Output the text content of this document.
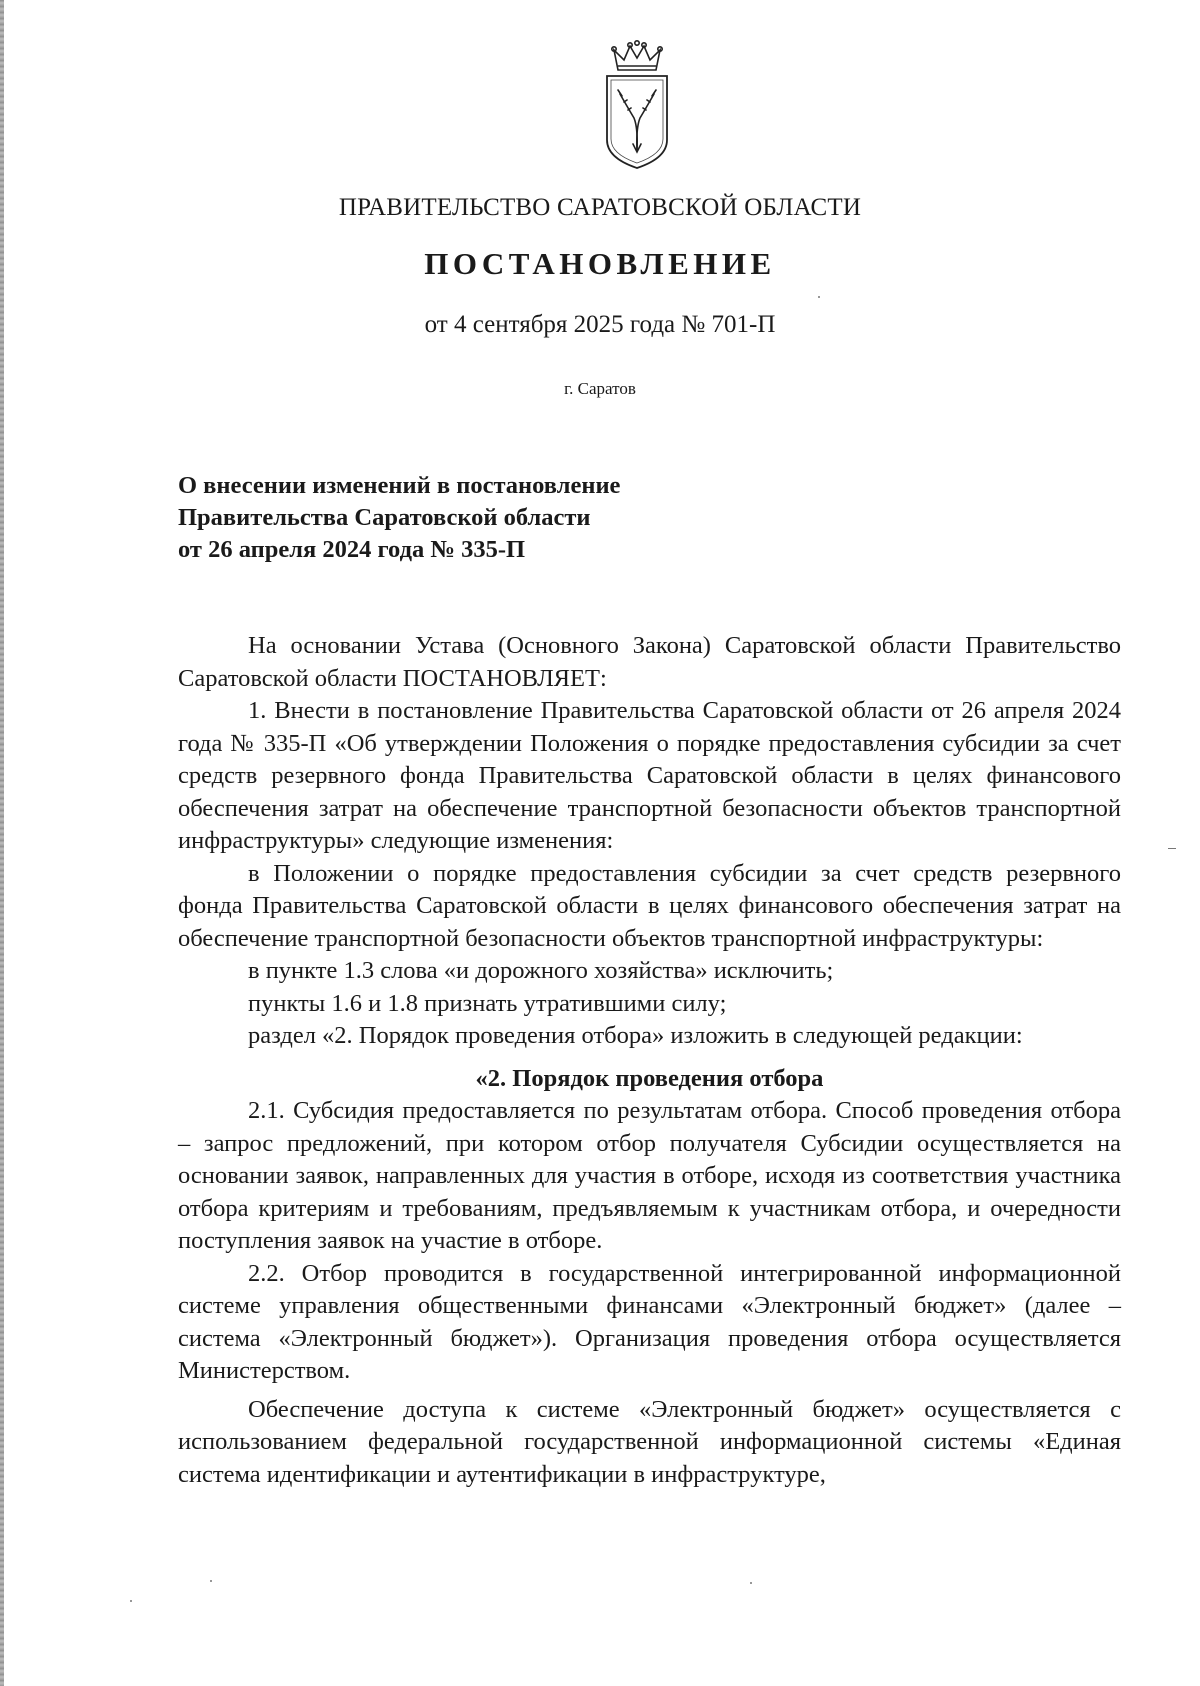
ПРАВИТЕЛЬСТВО САРАТОВСКОЙ ОБЛАСТИ
ПОСТАНОВЛЕНИЕ
от 4 сентября 2025 года № 701-П
г. Саратов
О внесении изменений в постановление
Правительства Саратовской области
от 26 апреля 2024 года № 335-П

На основании Устава (Основного Закона) Саратовской области Правительство Саратовской области ПОСТАНОВЛЯЕТ:

1. Внести в постановление Правительства Саратовской области от 26 апреля 2024 года № 335-П «Об утверждении Положения о порядке предоставления субсидии за счет средств резервного фонда Правительства Саратовской области в целях финансового обеспечения затрат на обеспечение транспортной безопасности объектов транспортной инфраструктуры» следующие изменения:

в Положении о порядке предоставления субсидии за счет средств резервного фонда Правительства Саратовской области в целях финансового обеспечения затрат на обеспечение транспортной безопасности объектов транспортной инфраструктуры:

в пункте 1.3 слова «и дорожного хозяйства» исключить;

пункты 1.6 и 1.8 признать утратившими силу;

раздел «2. Порядок проведения отбора» изложить в следующей редакции:

«2. Порядок проведения отбора

2.1. Субсидия предоставляется по результатам отбора. Способ проведения отбора – запрос предложений, при котором отбор получателя Субсидии осуществляется на основании заявок, направленных для участия в отборе, исходя из соответствия участника отбора критериям и требованиям, предъявляемым к участникам отбора, и очередности поступления заявок на участие в отборе.

2.2. Отбор проводится в государственной интегрированной информационной системе управления общественными финансами «Электронный бюджет» (далее – система «Электронный бюджет»). Организация проведения отбора осуществляется Министерством.

Обеспечение доступа к системе «Электронный бюджет» осуществляется с использованием федеральной государственной информационной системы «Единая система идентификации и аутентификации в инфраструктуре,
